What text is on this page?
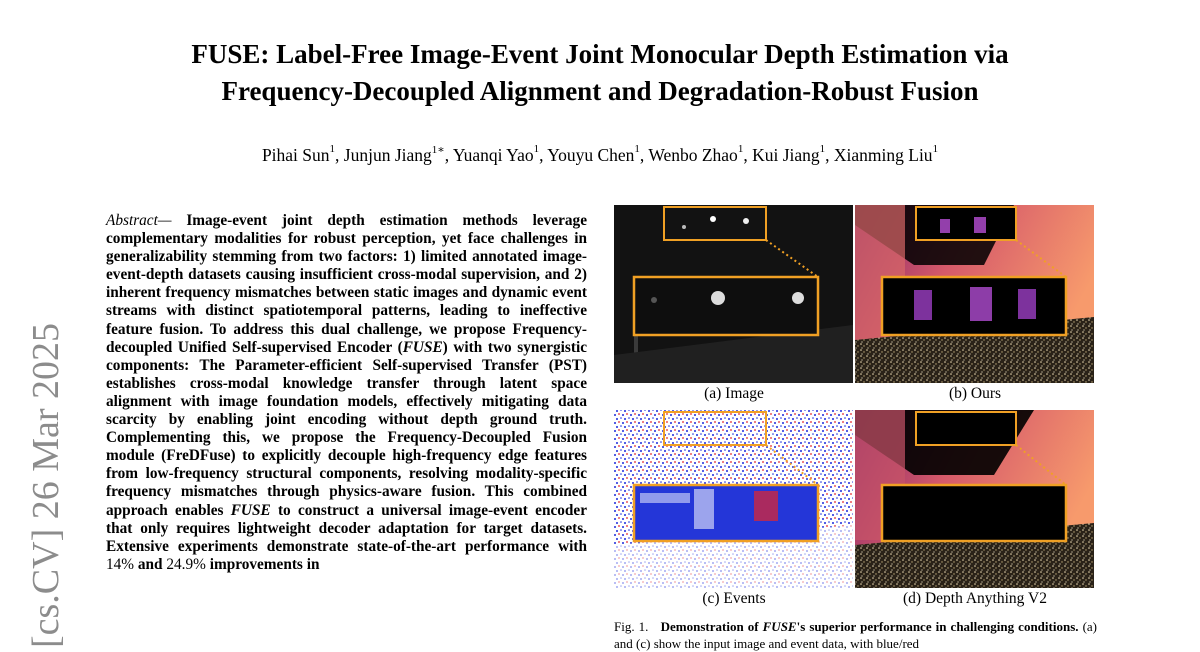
FUSE: Label-Free Image-Event Joint Monocular Depth Estimation via
Frequency-Decoupled Alignment and Degradation-Robust Fusion
Pihai Sun$^1$, Junjun Jiang$^{1∗}$, Yuanqi Yao$^1$, Youyu Chen$^1$, Wenbo Zhao$^1$, Kui Jiang$^1$, Xianming Liu$^1$
[cs.CV] 26 Mar 2025
Abstract— Image-event joint depth estimation methods leverage complementary modalities for robust perception, yet face challenges in generalizability stemming from two factors: 1) limited annotated image-event-depth datasets causing insufficient cross-modal supervision, and 2) inherent frequency mismatches between static images and dynamic event streams with distinct spatiotemporal patterns, leading to ineffective feature fusion. To address this dual challenge, we propose Frequency-decoupled Unified Self-supervised Encoder (FUSE) with two synergistic components: The Parameter-efficient Self-supervised Transfer (PST) establishes cross-modal knowledge transfer through latent space alignment with image foundation models, effectively mitigating data scarcity by enabling joint encoding without depth ground truth. Complementing this, we propose the Frequency-Decoupled Fusion module (FreDFuse) to explicitly decouple high-frequency edge features from low-frequency structural components, resolving modality-specific frequency mismatches through physics-aware fusion. This combined approach enables FUSE to construct a universal image-event encoder that only requires lightweight decoder adaptation for target datasets. Extensive experiments demonstrate state-of-the-art performance with 14% and 24.9% improvements in
(a) Image	(b) Ours
(c) Events	(d) Depth Anything V2
Fig. 1. Demonstration of FUSE's superior performance in challenging conditions. (a) and (c) show the input image and event data, with blue/red
